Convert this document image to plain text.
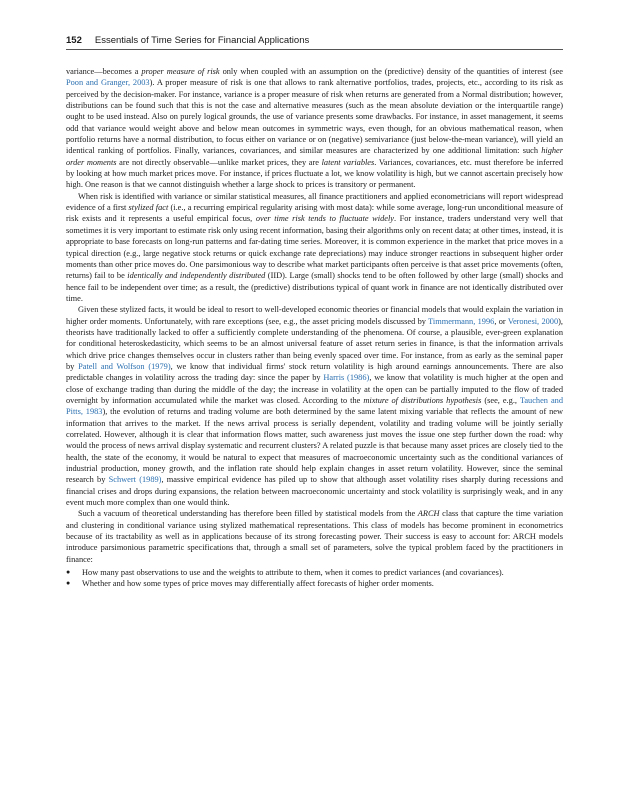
152 Essentials of Time Series for Financial Applications

variance—becomes a proper measure of risk only when coupled with an assumption on the (predictive) density of the quantities of interest (see Poon and Granger, 2003). A proper measure of risk is one that allows to rank alternative portfolios, trades, projects, etc., according to its risk as perceived by the decision-maker. For instance, variance is a proper measure of risk when returns are generated from a Normal distribution; however, distributions can be found such that this is not the case and alternative measures (such as the mean absolute deviation or the interquartile range) ought to be used instead. Also on purely logical grounds, the use of variance presents some drawbacks. For instance, in asset management, it seems odd that variance would weight above and below mean outcomes in symmetric ways, even though, for an obvious mathematical reason, when portfolio returns have a normal distribution, to focus either on variance or on (negative) semivariance (just below-the-mean variance), will yield an identical ranking of portfolios. Finally, variances, covariances, and similar measures are characterized by one additional limitation: such higher order moments are not directly observable—unlike market prices, they are latent variables. Variances, covariances, etc. must therefore be inferred by looking at how much market prices move. For instance, if prices fluctuate a lot, we know volatility is high, but we cannot ascertain precisely how high. One reason is that we cannot distinguish whether a large shock to prices is transitory or permanent.

When risk is identified with variance or similar statistical measures, all finance practitioners and applied econometricians will report widespread evidence of a first stylized fact (i.e., a recurring empirical regularity arising with most data): while some average, long-run unconditional measure of risk exists and it represents a useful empirical focus, over time risk tends to fluctuate widely. For instance, traders understand very well that sometimes it is very important to estimate risk only using recent information, basing their algorithms only on recent data; at other times, instead, it is appropriate to base forecasts on long-run patterns and far-dating time series. Moreover, it is common experience in the market that price moves in a typical direction (e.g., large negative stock returns or quick exchange rate depreciations) may induce stronger reactions in subsequent higher order moments than other price moves do. One parsimonious way to describe what market participants often perceive is that asset price movements (often, returns) fail to be identically and independently distributed (IID). Large (small) shocks tend to be often followed by other large (small) shocks and hence fail to be independent over time; as a result, the (predictive) distributions typical of quant work in finance are not identically distributed over time.

Given these stylized facts, it would be ideal to resort to well-developed economic theories or financial models that would explain the variation in higher order moments. Unfortunately, with rare exceptions (see, e.g., the asset pricing models discussed by Timmermann, 1996, or Veronesi, 2000), theorists have traditionally lacked to offer a sufficiently complete understanding of the phenomena. Of course, a plausible, ever-green explanation for conditional heteroskedasticity, which seems to be an almost universal feature of asset return series in finance, is that the information arrivals which drive price changes themselves occur in clusters rather than being evenly spaced over time. For instance, from as early as the seminal paper by Patell and Wolfson (1979), we know that individual firms' stock return volatility is high around earnings announcements. There are also predictable changes in volatility across the trading day: since the paper by Harris (1986), we know that volatility is much higher at the open and close of exchange trading than during the middle of the day; the increase in volatility at the open can be partially imputed to the flow of traded overnight by information accumulated while the market was closed. According to the mixture of distributions hypothesis (see, e.g., Tauchen and Pitts, 1983), the evolution of returns and trading volume are both determined by the same latent mixing variable that reflects the amount of new information that arrives to the market. If the news arrival process is serially dependent, volatility and trading volume will be jointly serially correlated. However, although it is clear that information flows matter, such awareness just moves the issue one step further down the road: why would the process of news arrival display systematic and recurrent clusters? A related puzzle is that because many asset prices are closely tied to the health, the state of the economy, it would be natural to expect that measures of macroeconomic uncertainty such as the conditional variances of industrial production, money growth, and the inflation rate should help explain changes in asset return volatility. However, since the seminal research by Schwert (1989), massive empirical evidence has piled up to show that although asset volatility rises sharply during recessions and financial crises and drops during expansions, the relation between macroeconomic uncertainty and stock volatility is surprisingly weak, and in any event much more complex than one would think.

Such a vacuum of theoretical understanding has therefore been filled by statistical models from the ARCH class that capture the time variation and clustering in conditional variance using stylized mathematical representations. This class of models has become prominent in econometrics because of its tractability as well as in applications because of its strong forecasting power. Their success is easy to account for: ARCH models introduce parsimonious parametric specifications that, through a small set of parameters, solve the typical problem faced by the practitioners in finance:

● How many past observations to use and the weights to attribute to them, when it comes to predict variances (and covariances).
● Whether and how some types of price moves may differentially affect forecasts of higher order moments.
